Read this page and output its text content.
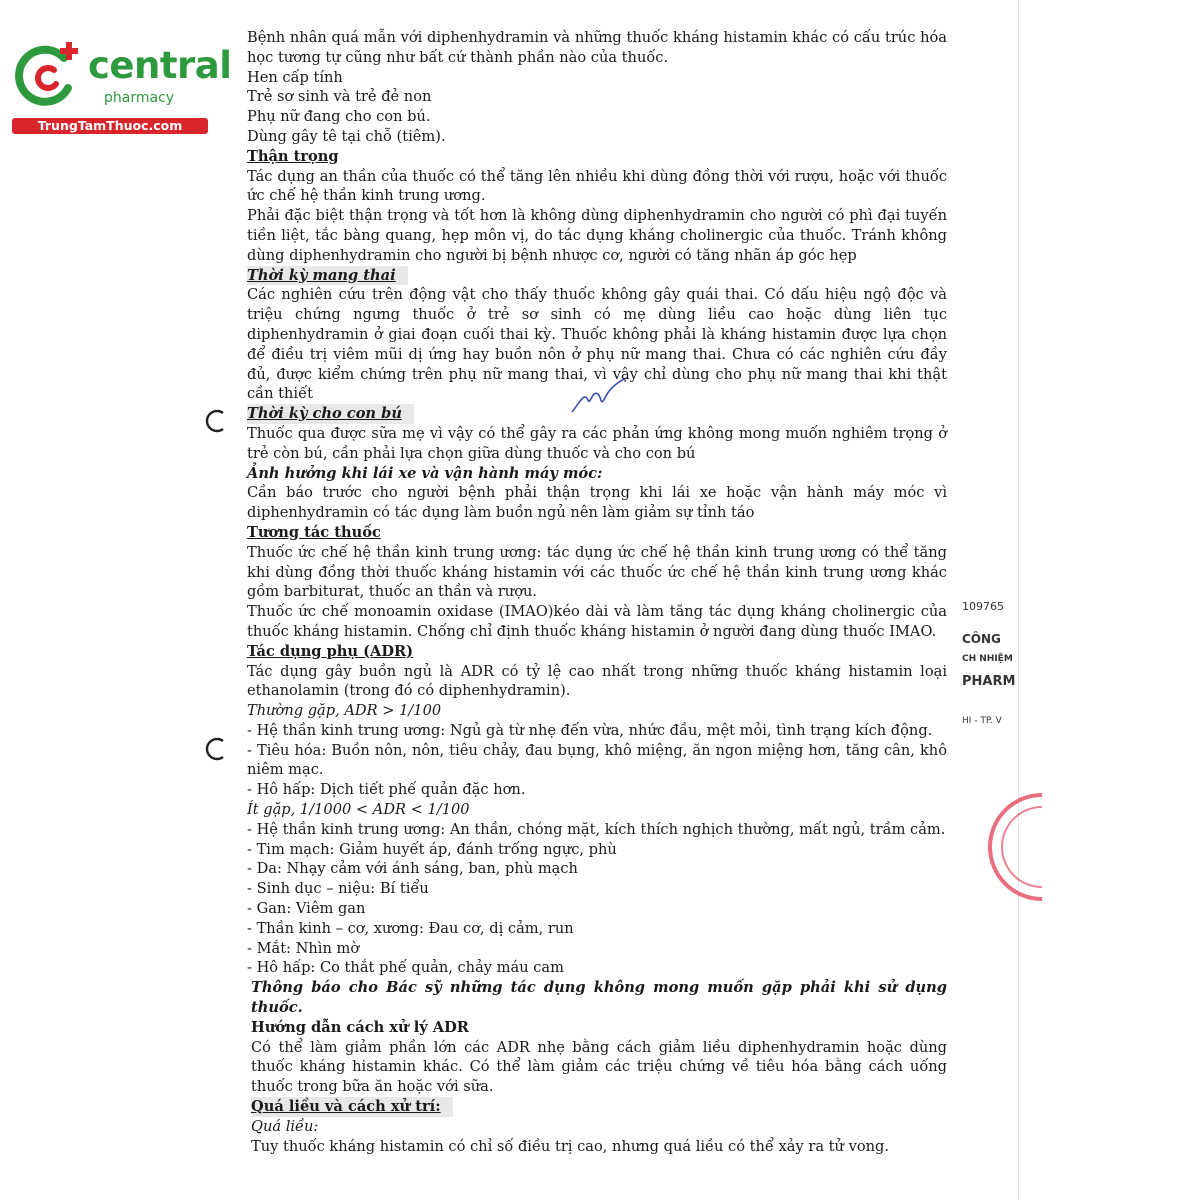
central
pharmacy
TrungTamThuoc.com
109765
CÔNG
CH NHIỆM
PHARM
HI - TP. V

Bệnh nhân quá mẫn với diphenhydramin và những thuốc kháng histamin khác có cấu trúc hóa học tương tự cũng như bất cứ thành phần nào của thuốc.

Hen cấp tính

Trẻ sơ sinh và trẻ đẻ non

Phụ nữ đang cho con bú.

Dùng gây tê tại chỗ (tiêm).

Thận trọng

Tác dụng an thần của thuốc có thể tăng lên nhiều khi dùng đồng thời với rượu, hoặc với thuốc ức chế hệ thần kinh trung ương.

Phải đặc biệt thận trọng và tốt hơn là không dùng diphenhydramin cho người có phì đại tuyến tiền liệt, tắc bàng quang, hẹp môn vị, do tác dụng kháng cholinergic của thuốc. Tránh không dùng diphenhydramin cho người bị bệnh nhược cơ, người có tăng nhãn áp góc hẹp

Thời kỳ mang thai

Các nghiên cứu trên động vật cho thấy thuốc không gây quái thai. Có dấu hiệu ngộ độc và triệu chứng ngưng thuốc ở trẻ sơ sinh có mẹ dùng liều cao hoặc dùng liên tục diphenhydramin ở giai đoạn cuối thai kỳ. Thuốc không phải là kháng histamin được lựa chọn để điều trị viêm mũi dị ứng hay buồn nôn ở phụ nữ mang thai. Chưa có các nghiên cứu đầy đủ, được kiểm chứng trên phụ nữ mang thai, vì vậy chỉ dùng cho phụ nữ mang thai khi thật cần thiết

Thời kỳ cho con bú

Thuốc qua được sữa mẹ vì vậy có thể gây ra các phản ứng không mong muốn nghiêm trọng ở trẻ còn bú, cần phải lựa chọn giữa dùng thuốc và cho con bú

Ảnh hưởng khi lái xe và vận hành máy móc:

Cần báo trước cho người bệnh phải thận trọng khi lái xe hoặc vận hành máy móc vì diphenhydramin có tác dụng làm buồn ngủ nên làm giảm sự tỉnh táo

Tương tác thuốc

Thuốc ức chế hệ thần kinh trung ương: tác dụng ức chế hệ thần kinh trung ương có thể tăng khi dùng đồng thời thuốc kháng histamin với các thuốc ức chế hệ thần kinh trung ương khác gồm barbiturat, thuốc an thần và rượu.

Thuốc ức chế monoamin oxidase (IMAO)kéo dài và làm tăng tác dụng kháng cholinergic của thuốc kháng histamin. Chống chỉ định thuốc kháng histamin ở người đang dùng thuốc IMAO.

Tác dụng phụ (ADR)

Tác dụng gây buồn ngủ là ADR có tỷ lệ cao nhất trong những thuốc kháng histamin loại ethanolamin (trong đó có diphenhydramin).

Thường gặp, ADR > 1/100

- Hệ thần kinh trung ương: Ngủ gà từ nhẹ đến vừa, nhức đầu, mệt mỏi, tình trạng kích động.

- Tiêu hóa: Buồn nôn, nôn, tiêu chảy, đau bụng, khô miệng, ăn ngon miệng hơn, tăng cân, khô niêm mạc.

- Hô hấp: Dịch tiết phế quản đặc hơn.

Ít gặp, 1/1000 < ADR < 1/100

- Hệ thần kinh trung ương: An thần, chóng mặt, kích thích nghịch thường, mất ngủ, trầm cảm.

- Tim mạch: Giảm huyết áp, đánh trống ngực, phù

- Da: Nhạy cảm với ánh sáng, ban, phù mạch

- Sinh dục – niệu: Bí tiểu

- Gan: Viêm gan

- Thần kinh – cơ, xương: Đau cơ, dị cảm, run

- Mắt: Nhìn mờ

- Hô hấp: Co thắt phế quản, chảy máu cam

Thông báo cho Bác sỹ những tác dụng không mong muốn gặp phải khi sử dụng thuốc.

Hướng dẫn cách xử lý ADR

Có thể làm giảm phần lớn các ADR nhẹ bằng cách giảm liều diphenhydramin hoặc dùng thuốc kháng histamin khác. Có thể làm giảm các triệu chứng về tiêu hóa bằng cách uống thuốc trong bữa ăn hoặc với sữa.

Quá liều và cách xử trí:

Quá liều:

Tuy thuốc kháng histamin có chỉ số điều trị cao, nhưng quá liều có thể xảy ra tử vong.
